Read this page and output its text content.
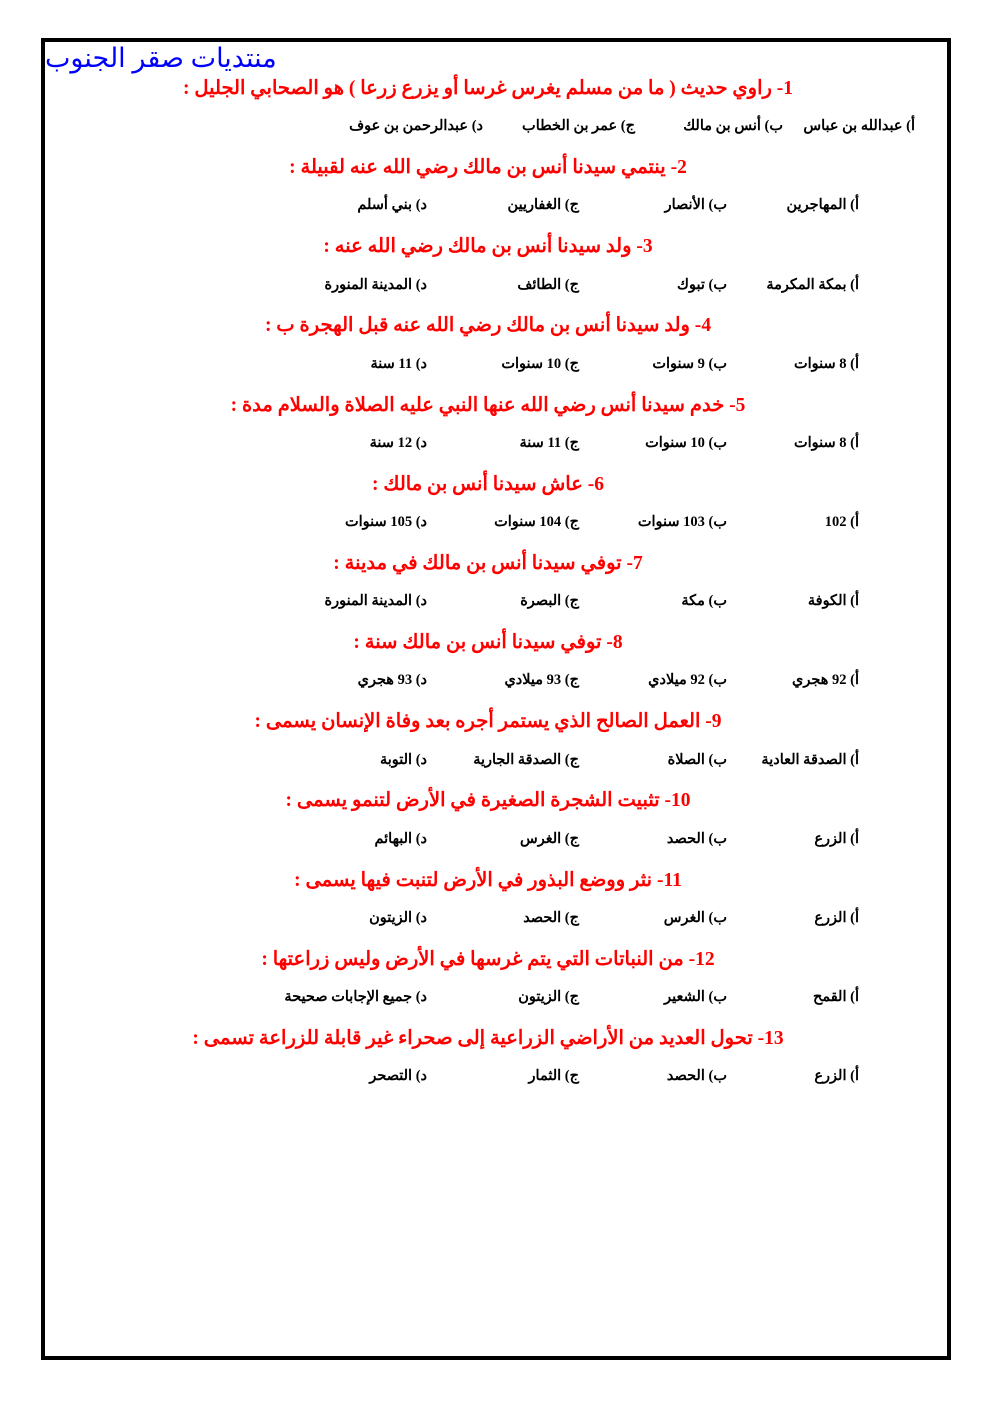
منتديات صقر الجنوب
1- راوي حديث ( ما من مسلم يغرس غرسا أو يزرع زرعا ) هو الصحابي الجليل :
أ) عبدالله بن عباس
ب) أنس بن مالك
ج) عمر بن الخطاب
د) عبدالرحمن بن عوف
2- ينتمي سيدنا أنس بن مالك رضي الله عنه لقبيلة :
أ) المهاجرين
ب) الأنصار
ج) الغفاريين
د) بني أسلم
3- ولد سيدنا أنس بن مالك رضي الله عنه :
أ) بمكة المكرمة
ب) تبوك
ج) الطائف
د) المدينة المنورة
4- ولد سيدنا أنس بن مالك رضي الله عنه قبل الهجرة ب :
أ) 8 سنوات
ب) 9 سنوات
ج) 10 سنوات
د) 11 سنة
5- خدم سيدنا أنس رضي الله عنها النبي عليه الصلاة والسلام مدة :
أ) 8 سنوات
ب) 10 سنوات
ج) 11 سنة
د) 12 سنة
6- عاش سيدنا أنس بن مالك :
أ) 102
ب) 103 سنوات
ج) 104 سنوات
د) 105 سنوات
7- توفي سيدنا أنس بن مالك في مدينة :
أ) الكوفة
ب) مكة
ج) البصرة
د) المدينة المنورة
8- توفي سيدنا أنس بن مالك سنة :
أ) 92 هجري
ب) 92 ميلادي
ج) 93 ميلادي
د) 93 هجري
9- العمل الصالح الذي يستمر أجره بعد وفاة الإنسان يسمى :
أ) الصدقة العادية
ب) الصلاة
ج) الصدقة الجارية
د) التوبة
10- تثبيت الشجرة الصغيرة في الأرض لتنمو يسمى :
أ) الزرع
ب) الحصد
ج) الغرس
د) البهائم
11- نثر ووضع البذور في الأرض لتنبت فيها يسمى :
أ) الزرع
ب) الغرس
ج) الحصد
د) الزيتون
12- من النباتات التي يتم غرسها في الأرض وليس زراعتها :
أ) القمح
ب) الشعير
ج) الزيتون
د) جميع الإجابات صحيحة
13- تحول العديد من الأراضي الزراعية إلى صحراء غير قابلة للزراعة تسمى :
أ) الزرع
ب) الحصد
ج) الثمار
د) التصحر
